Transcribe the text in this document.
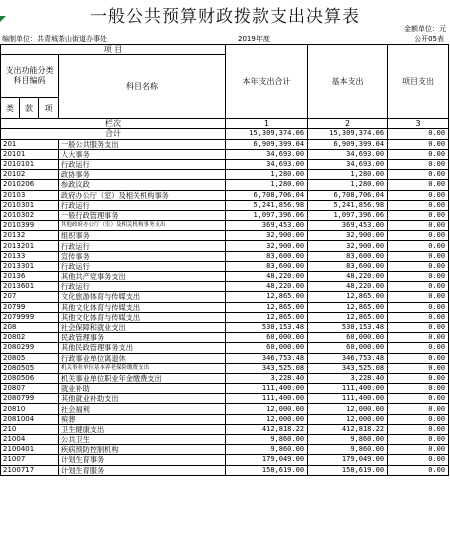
一般公共预算财政拨款支出决算表
金额单位：元
编制单位：共青城茶山街道办事处	2019年度	公开05表
项 目				本年支出合计	基本支出	项目支出
支出功能分类科目编码			科目名称			
类	款	项				
栏次				1	2	3
合计				15,309,374.06	15,309,374.06	0.00
201			一般公共服务支出	6,909,399.04	6,909,399.04	0.00
20101			人大事务	34,693.00	34,693.00	0.00
2010101			行政运行	34,693.00	34,693.00	0.00
20102			政协事务	1,280.00	1,280.00	0.00
2010206			参政议政	1,280.00	1,280.00	0.00
20103			政府办公厅（室）及相关机构事务	6,708,706.04	6,708,706.04	0.00
2010301			行政运行	5,241,856.98	5,241,856.98	0.00
2010302			一般行政管理事务	1,097,396.06	1,097,396.06	0.00
2010399			其他政府办公厅（室）及相关机构事务支出	369,453.00	369,453.00	0.00
20132			组织事务	32,900.00	32,900.00	0.00
2013201			行政运行	32,900.00	32,900.00	0.00
20133			宣传事务	83,600.00	83,600.00	0.00
2013301			行政运行	83,600.00	83,600.00	0.00
20136			其他共产党事务支出	48,220.00	48,220.00	0.00
2013601			行政运行	48,220.00	48,220.00	0.00
207			文化旅游体育与传媒支出	12,865.00	12,865.00	0.00
20799			其他文化体育与传媒支出	12,865.00	12,865.00	0.00
2079999			其他文化体育与传媒支出	12,865.00	12,865.00	0.00
208			社会保障和就业支出	530,153.48	530,153.48	0.00
20802			民政管理事务	60,000.00	60,000.00	0.00
2080299			其他民政管理事务支出	60,000.00	60,000.00	0.00
20805			行政事业单位离退休	346,753.48	346,753.48	0.00
2080505			机关事业单位基本养老保险缴费支出	343,525.08	343,525.08	0.00
2080506			机关事业单位职业年金缴费支出	3,228.40	3,228.40	0.00
20807			就业补助	111,400.00	111,400.00	0.00
2080799			其他就业补助支出	111,400.00	111,400.00	0.00
20810			社会福利	12,000.00	12,000.00	0.00
2081004			殡葬	12,000.00	12,000.00	0.00
210			卫生健康支出	412,818.22	412,818.22	0.00
21004			公共卫生	9,860.00	9,860.00	0.00
2100401			疾病预防控制机构	9,860.00	9,860.00	0.00
21007			计划生育事务	179,049.00	179,049.00	0.00
2100717			计划生育服务	158,619.00	158,619.00	0.00
